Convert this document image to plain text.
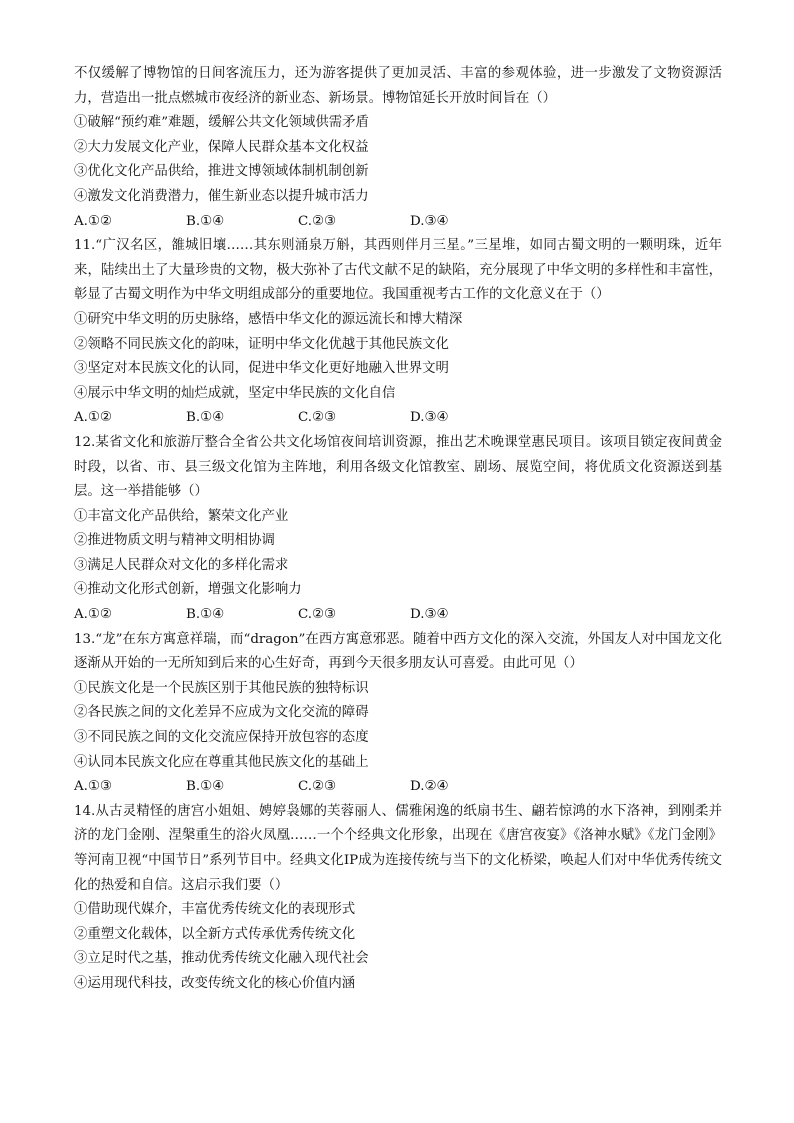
不仅缓解了博物馆的日间客流压力，还为游客提供了更加灵活、丰富的参观体验，进一步激发了文物资源活力，营造出一批点燃城市夜经济的新业态、新场景。博物馆延长开放时间旨在（）

①破解“预约难”难题，缓解公共文化领域供需矛盾

②大力发展文化产业，保障人民群众基本文化权益

③优化文化产品供给，推进文博领域体制机制创新

④激发文化消费潜力，催生新业态以提升城市活力

A.①②	B.①④	C.②③	D.③④

11.“广汉名区，雒城旧壤……其东则涌泉万斛，其西则伴月三星。”三星堆，如同古蜀文明的一颗明珠，近年来，陆续出土了大量珍贵的文物，极大弥补了古代文献不足的缺陷，充分展现了中华文明的多样性和丰富性，彰显了古蜀文明作为中华文明组成部分的重要地位。我国重视考古工作的文化意义在于（）

①研究中华文明的历史脉络，感悟中华文化的源远流长和博大精深

②领略不同民族文化的韵味，证明中华文化优越于其他民族文化

③坚定对本民族文化的认同，促进中华文化更好地融入世界文明

④展示中华文明的灿烂成就，坚定中华民族的文化自信

A.①②	B.①④	C.②③	D.③④

12.某省文化和旅游厅整合全省公共文化场馆夜间培训资源，推出艺术晚课堂惠民项目。该项目锁定夜间黄金时段，以省、市、县三级文化馆为主阵地，利用各级文化馆教室、剧场、展览空间，将优质文化资源送到基层。这一举措能够（）

①丰富文化产品供给，繁荣文化产业

②推进物质文明与精神文明相协调

③满足人民群众对文化的多样化需求

④推动文化形式创新，增强文化影响力

A.①②	B.①④	C.②③	D.③④

13.“龙”在东方寓意祥瑞，而“dragon”在西方寓意邪恶。随着中西方文化的深入交流，外国友人对中国龙文化逐渐从开始的一无所知到后来的心生好奇，再到今天很多朋友认可喜爱。由此可见（）

①民族文化是一个民族区别于其他民族的独特标识

②各民族之间的文化差异不应成为文化交流的障碍

③不同民族之间的文化交流应保持开放包容的态度

④认同本民族文化应在尊重其他民族文化的基础上

A.①③	B.①④	C.②③	D.②④

14.从古灵精怪的唐宫小姐姐、娉婷袅娜的芙蓉丽人、儒雅闲逸的纸扇书生、翩若惊鸿的水下洛神，到刚柔并济的龙门金刚、涅槃重生的浴火凤凰……一个个经典文化形象，出现在《唐宫夜宴》《洛神水赋》《龙门金刚》等河南卫视“中国节日”系列节目中。经典文化IP成为连接传统与当下的文化桥梁，唤起人们对中华优秀传统文化的热爱和自信。这启示我们要（）

①借助现代媒介，丰富优秀传统文化的表现形式

②重塑文化载体，以全新方式传承优秀传统文化

③立足时代之基，推动优秀传统文化融入现代社会

④运用现代科技，改变传统文化的核心价值内涵
